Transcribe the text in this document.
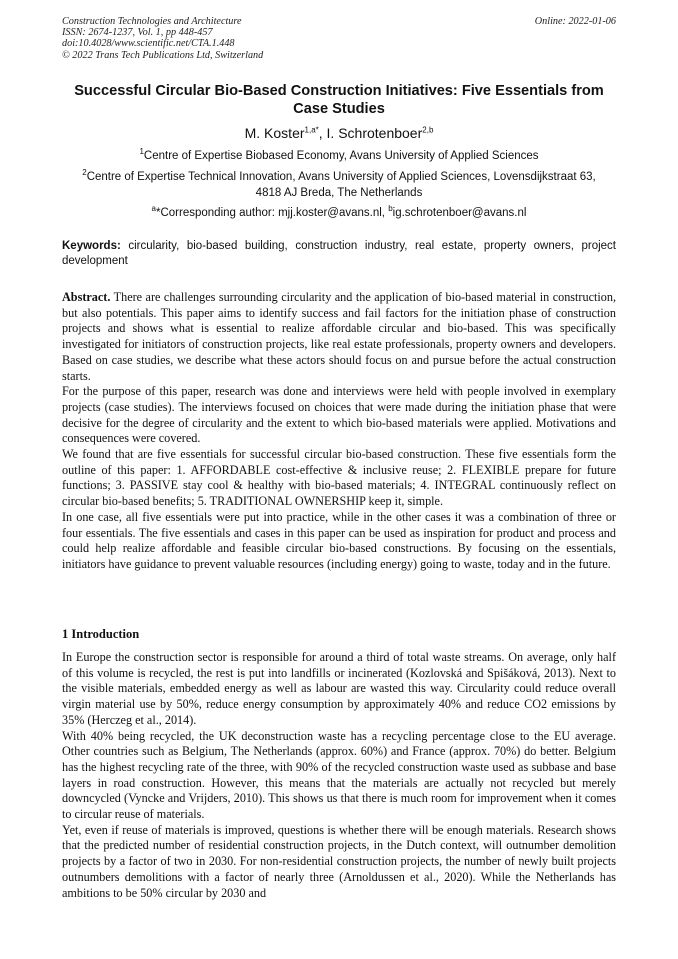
Construction Technologies and Architecture
ISSN: 2674-1237, Vol. 1, pp 448-457
doi:10.4028/www.scientific.net/CTA.1.448
© 2022 Trans Tech Publications Ltd, Switzerland
Online: 2022-01-06
Successful Circular Bio-Based Construction Initiatives: Five Essentials from Case Studies
M. Koster$^{1,a*}$, I. Schrotenboer$^{2,b}$
$^1$Centre of Expertise Biobased Economy, Avans University of Applied Sciences
$^2$Centre of Expertise Technical Innovation, Avans University of Applied Sciences, Lovensdijkstraat 63, 4818 AJ Breda, The Netherlands
$^a$*Corresponding author: mjj.koster@avans.nl, $^b$ig.schrotenboer@avans.nl
Keywords: circularity, bio-based building, construction industry, real estate, property owners, project development

Abstract. There are challenges surrounding circularity and the application of bio-based material in construction, but also potentials. This paper aims to identify success and fail factors for the initiation phase of construction projects and shows what is essential to realize affordable circular and bio-based. This was specifically investigated for initiators of construction projects, like real estate professionals, property owners and developers. Based on case studies, we describe what these actors should focus on and pursue before the actual construction starts.

For the purpose of this paper, research was done and interviews were held with people involved in exemplary projects (case studies). The interviews focused on choices that were made during the initiation phase that were decisive for the degree of circularity and the extent to which bio-based materials were applied. Motivations and consequences were covered.

We found that are five essentials for successful circular bio-based construction. These five essentials form the outline of this paper: 1. AFFORDABLE cost-effective & inclusive reuse; 2. FLEXIBLE prepare for future functions; 3. PASSIVE stay cool & healthy with bio-based materials; 4. INTEGRAL continuously reflect on circular bio-based benefits; 5. TRADITIONAL OWNERSHIP keep it, simple.

In one case, all five essentials were put into practice, while in the other cases it was a combination of three or four essentials. The five essentials and cases in this paper can be used as inspiration for product and process and could help realize affordable and feasible circular bio-based constructions. By focusing on the essentials, initiators have guidance to prevent valuable resources (including energy) going to waste, today and in the future.

1 Introduction

In Europe the construction sector is responsible for around a third of total waste streams. On average, only half of this volume is recycled, the rest is put into landfills or incinerated (Kozlovská and Spišáková, 2013). Next to the visible materials, embedded energy as well as labour are wasted this way. Circularity could reduce overall virgin material use by 50%, reduce energy consumption by approximately 40% and reduce CO2 emissions by 35% (Herczeg et al., 2014).

With 40% being recycled, the UK deconstruction waste has a recycling percentage close to the EU average. Other countries such as Belgium, The Netherlands (approx. 60%) and France (approx. 70%) do better. Belgium has the highest recycling rate of the three, with 90% of the recycled construction waste used as subbase and base layers in road construction. However, this means that the materials are actually not recycled but merely downcycled (Vyncke and Vrijders, 2010). This shows us that there is much room for improvement when it comes to circular reuse of materials.

Yet, even if reuse of materials is improved, questions is whether there will be enough materials. Research shows that the predicted number of residential construction projects, in the Dutch context, will outnumber demolition projects by a factor of two in 2030. For non-residential construction projects, the number of newly built projects outnumbers demolitions with a factor of nearly three (Arnoldussen et al., 2020). While the Netherlands has ambitions to be 50% circular by 2030 and
